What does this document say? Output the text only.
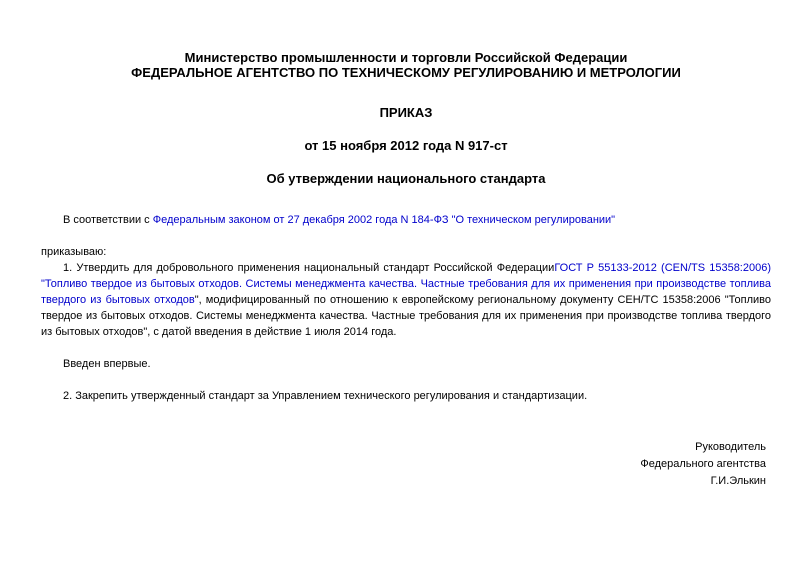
Министерство промышленности и торговли Российской Федерации

ФЕДЕРАЛЬНОЕ АГЕНТСТВО ПО ТЕХНИЧЕСКОМУ РЕГУЛИРОВАНИЮ И МЕТРОЛОГИИ

ПРИКАЗ

от 15 ноября 2012 года N 917-ст

Об утверждении национального стандарта

В соответствии с Федеральным законом от 27 декабря 2002 года N 184-ФЗ "О техническом регулировании"

приказываю:

1. Утвердить для добровольного применения национальный стандарт Российской ФедерацииГОСТ Р 55133-2012 (CEN/TS 15358:2006) "Топливо твердое из бытовых отходов. Системы менеджмента качества. Частные требования для их применения при производстве топлива твердого из бытовых отходов", модифицированный по отношению к европейскому региональному документу СЕН/ТС 15358:2006 "Топливо твердое из бытовых отходов. Системы менеджмента качества. Частные требования для их применения при производстве топлива твердого из бытовых отходов", с датой введения в действие 1 июля 2014 года.

Введен впервые.

2. Закрепить утвержденный стандарт за Управлением технического регулирования и стандартизации.

Руководитель
Федерального агентства
Г.И.Элькин
